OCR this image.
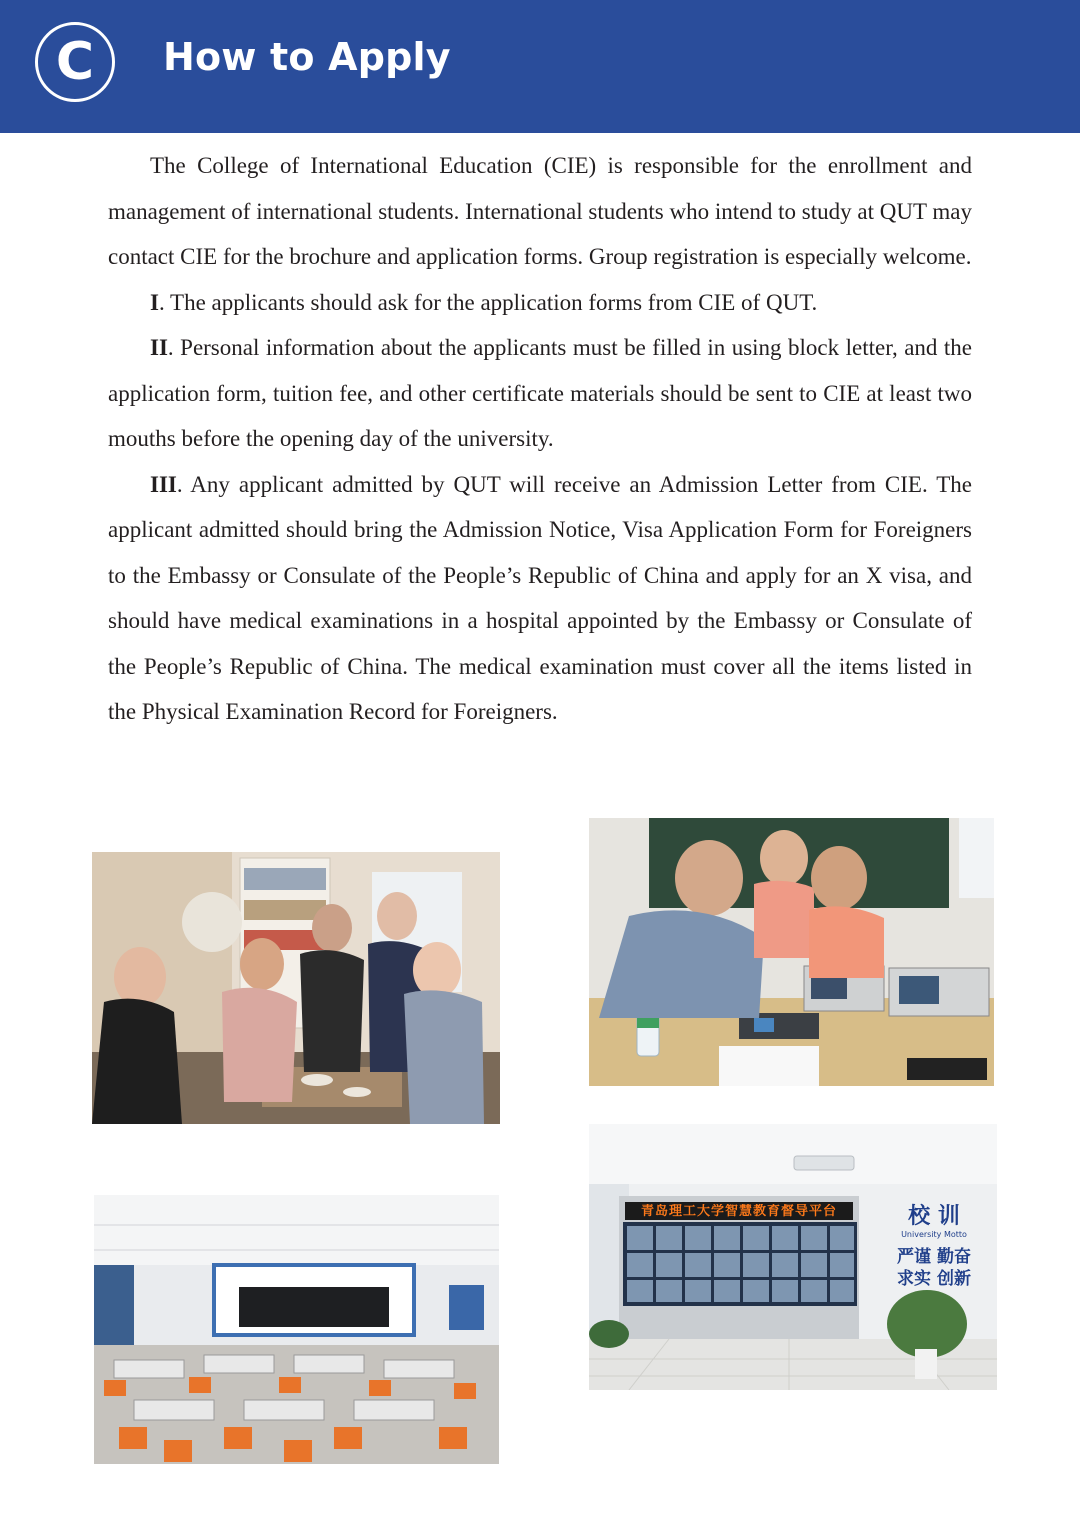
C	How to Apply

The College of International Education (CIE) is responsible for the enrollment and management of international students. International students who intend to study at QUT may contact CIE for the brochure and application forms. Group registration is especially welcome.

I. The applicants should ask for the application forms from CIE of QUT.

II. Personal information about the applicants must be filled in using block letter, and the application form, tuition fee, and other certificate materials should be sent to CIE at least two mouths before the opening day of the university.

III. Any applicant admitted by QUT will receive an Admission Letter from CIE. The applicant admitted should bring the Admission Notice, Visa Application Form for Foreigners to the Embassy or Consulate of the People’s Republic of China and apply for an X visa, and should have medical examinations in a hospital appointed by the Embassy or Consulate of the People’s Republic of China. The medical examination must cover all the items listed in the Physical Examination Record for Foreigners.

青岛理工大学智慧教育督导平台	校 训
University Motto
严谨 勤奋
求实 创新
